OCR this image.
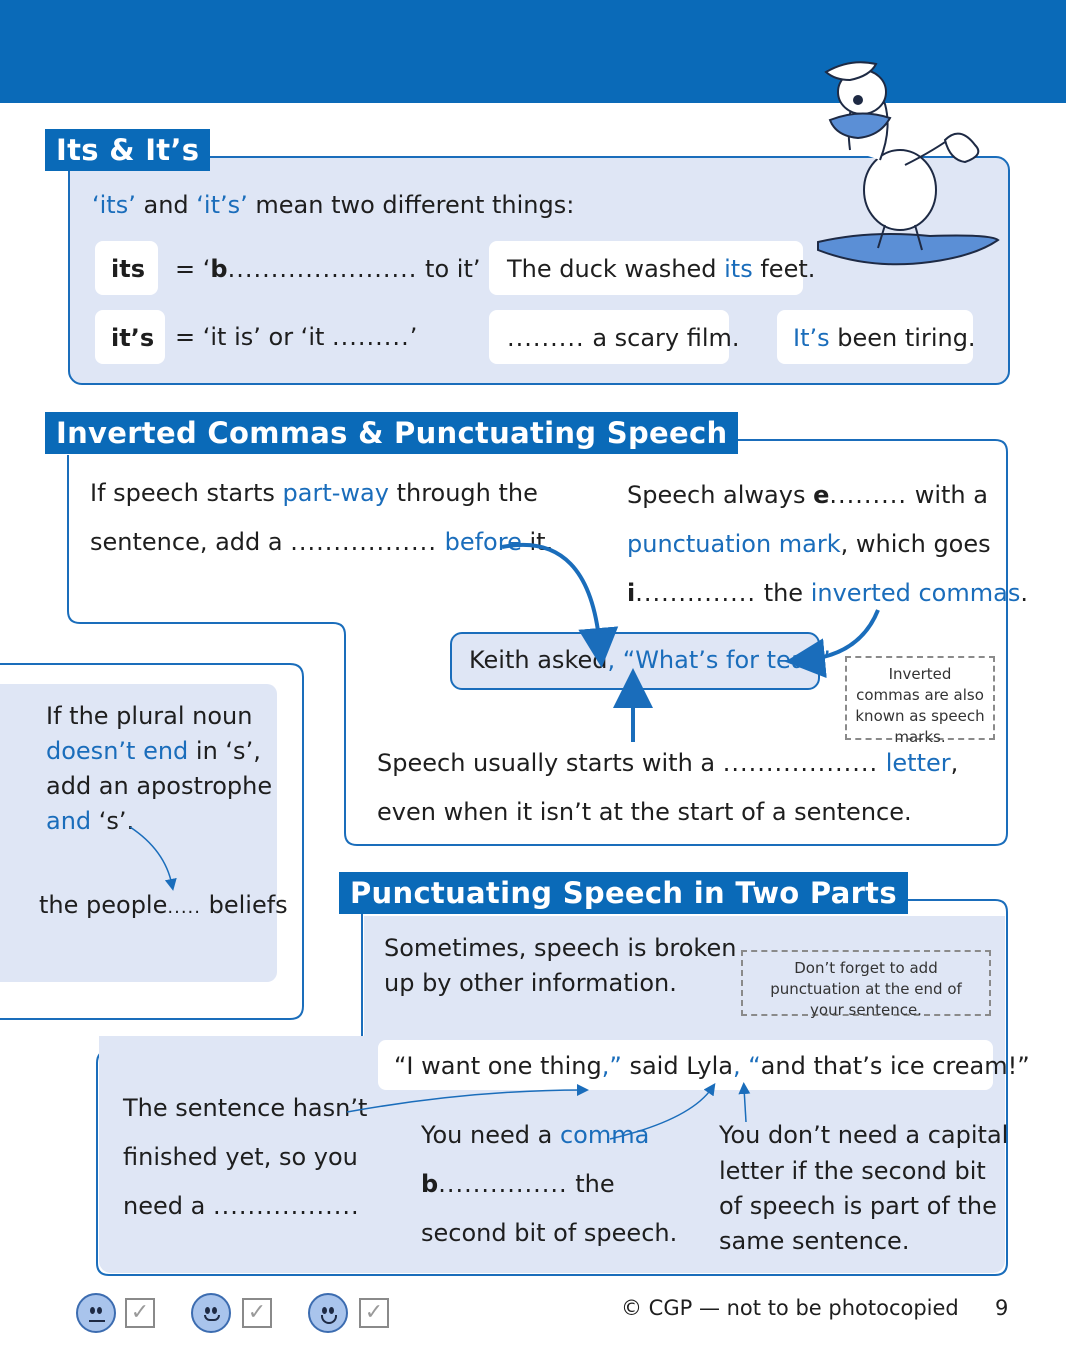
Its & It’s
‘its’ and ‘it’s’ mean two different things:
its = ‘b...................... to it’
it’s = ‘it is’ or ‘it .........’
The duck washed its feet.
......... a scary film. It’s been tiring.
Inverted Commas & Punctuating Speech
If speech starts part-way through the
sentence, add a ................. before it.
Speech always e......... with a
punctuation mark, which goes
i.............. the inverted commas.
Keith asked, “What’s for tea?”	Inverted commas are also known as speech marks.
Speech usually starts with a .................. letter,
even when it isn’t at the start of a sentence.
If the plural noun
doesn’t end in ‘s’,
add an apostrophe
and ‘s’.
the people..... beliefs	Punctuating Speech in Two Parts
Sometimes, speech is broken
up by other information.
Don’t forget to add punctuation at the end of your sentence.
“I want one thing,” said Lyla, “and that’s ice cream!”
The sentence hasn’t
finished yet, so you
need a .................
You need a comma
b............... the
second bit of speech.
You don’t need a capital
letter if the second bit
of speech is part of the
same sentence.
✓	✓	✓	© CGP — not to be photocopied 9
